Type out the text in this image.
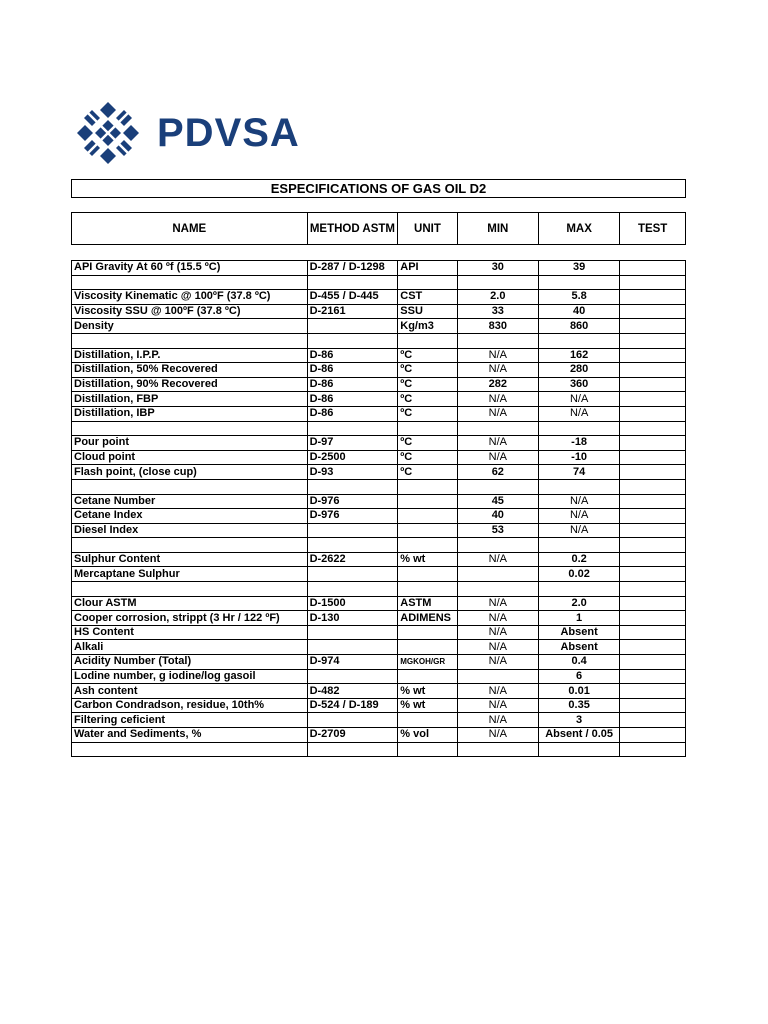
PDVSA
ESPECIFICATIONS OF GAS OIL D2
NAME	METHOD ASTM	UNIT	MIN	MAX	TEST
API Gravity At 60 ºf (15.5 ºC)	D-287 / D-1298	API	30	39	

Viscosity Kinematic @ 100ºF (37.8 ºC)	D-455 / D-445	CST	2.0	5.8	
Viscosity SSU @ 100ºF (37.8 ºC)	D-2161	SSU	33	40	
Density		Kg/m3	830	860	

Distillation, I.P.P.	D-86	ºC	N/A	162	
Distillation, 50% Recovered	D-86	ºC	N/A	280	
Distillation, 90% Recovered	D-86	ºC	282	360	
Distillation, FBP	D-86	ºC	N/A	N/A	
Distillation, IBP	D-86	ºC	N/A	N/A	

Pour point	D-97	ºC	N/A	-18	
Cloud point	D-2500	ºC	N/A	-10	
Flash point, (close cup)	D-93	ºC	62	74	

Cetane Number	D-976		45	N/A	
Cetane Index	D-976		40	N/A	
Diesel Index			53	N/A	

Sulphur Content	D-2622	% wt	N/A	0.2	
Mercaptane Sulphur				0.02	

Clour ASTM	D-1500	ASTM	N/A	2.0	
Cooper corrosion, strippt (3 Hr / 122 ºF)	D-130	ADIMENS	N/A	1	
HS Content			N/A	Absent	
Alkali			N/A	Absent	
Acidity Number (Total)	D-974	MGKOH/GR	N/A	0.4	
Lodine number, g iodine/log gasoil				6	
Ash content	D-482	% wt	N/A	0.01	
Carbon Condradson, residue, 10th%	D-524 / D-189	% wt	N/A	0.35	
Filtering ceficient			N/A	3	
Water and Sediments, %	D-2709	% vol	N/A	Absent / 0.05	
